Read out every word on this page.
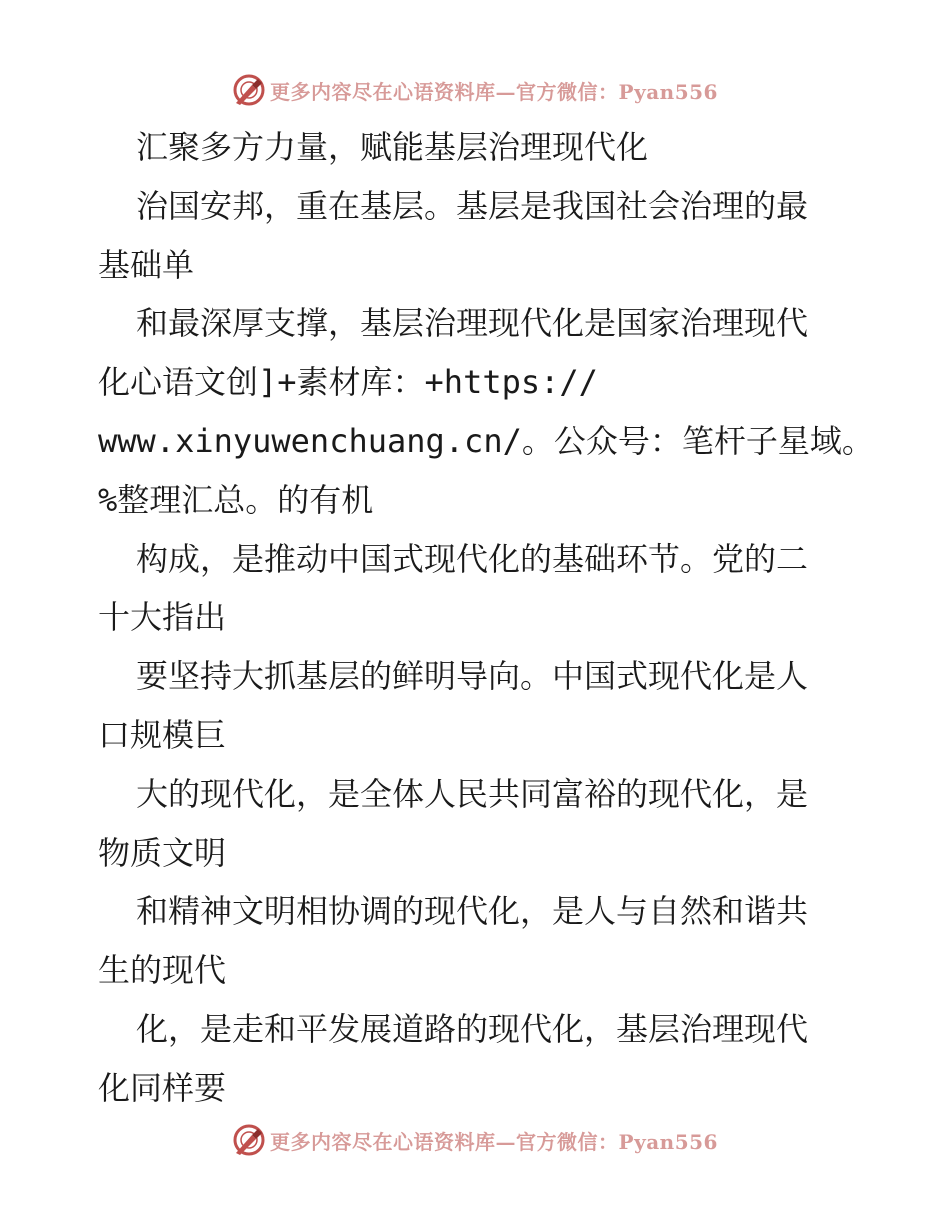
更多内容尽在心语资料库—官方微信：Pyan556
汇聚多方力量，赋能基层治理现代化
治国安邦，重在基层。基层是我国社会治理的最
基础单
和最深厚支撑，基层治理现代化是国家治理现代
化心语文创]+素材库：+https://
www.xinyuwenchuang.cn/。公众号：笔杆子星域。
%整理汇总。的有机
构成，是推动中国式现代化的基础环节。党的二
十大指出
要坚持大抓基层的鲜明导向。中国式现代化是人
口规模巨
大的现代化，是全体人民共同富裕的现代化，是
物质文明
和精神文明相协调的现代化，是人与自然和谐共
生的现代
化，是走和平发展道路的现代化，基层治理现代
化同样要
更多内容尽在心语资料库—官方微信：Pyan556
